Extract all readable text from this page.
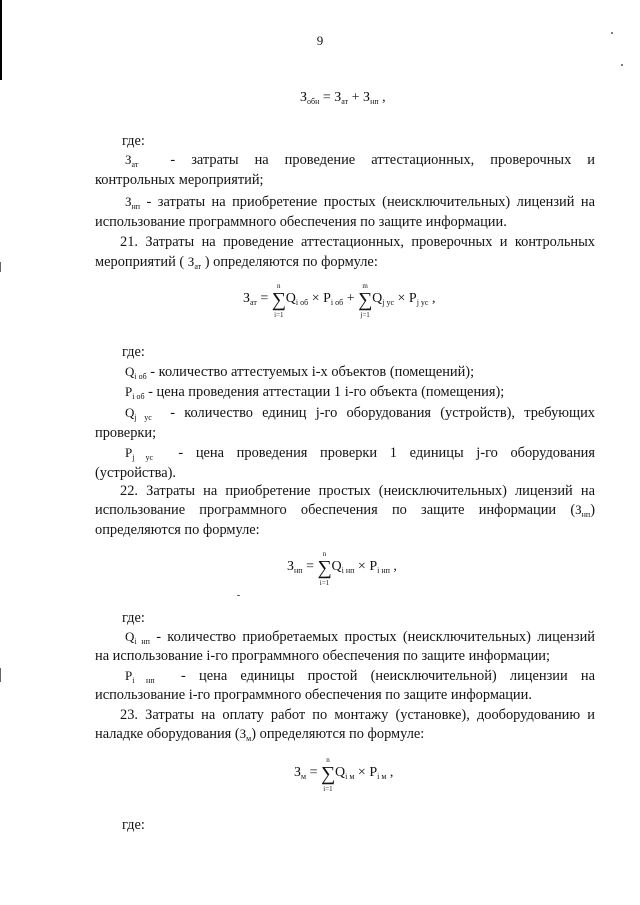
9
$З_{обн} = З_{ат} + З_{нп}$ ,
где:
$З_{ат}$ - затраты на проведение аттестационных, проверочных и
контрольных мероприятий;
$З_{нп}$ - затраты на приобретение простых (неисключительных) лицензий на
использование программного обеспечения по защите информации.
21. Затраты на проведение аттестационных, проверочных и контрольных
мероприятий ( $З_{ат}$ ) определяются по формуле:
$З_{ат}$ = ∑
n
i=1
$Q_{i об} \times P_{i об}$ + ∑
m
j=1
$Q_{j ус} \times P_{j ус}$ ,
где:
$Q_{i об}$ - количество аттестуемых i-х объектов (помещений);
$P_{i об}$ - цена проведения аттестации 1 i-го объекта (помещения);
$Q_{j ус}$ - количество единиц j-го оборудования (устройств), требующих
проверки;
$P_{j ус}$ - цена проведения проверки 1 единицы j-го оборудования
(устройства).
22. Затраты на приобретение простых (неисключительных) лицензий на
использование программного обеспечения по защите информации $(З_{нп})$
определяются по формуле:
$З_{нп}$ = ∑
n
i=1
$Q_{i нп} \times P_{i нп}$ ,
где:
$Q_{i нп}$ - количество приобретаемых простых (неисключительных) лицензий
на использование i-го программного обеспечения по защите информации;
$P_{i нп}$ - цена единицы простой (неисключительной) лицензии на
использование i-го программного обеспечения по защите информации.
23. Затраты на оплату работ по монтажу (установке), дооборудованию и
наладке оборудования $(З_м)$ определяются по формуле:
$З_м$ = ∑
n
i=1
$Q_{i м} \times P_{i м}$ ,
где:
